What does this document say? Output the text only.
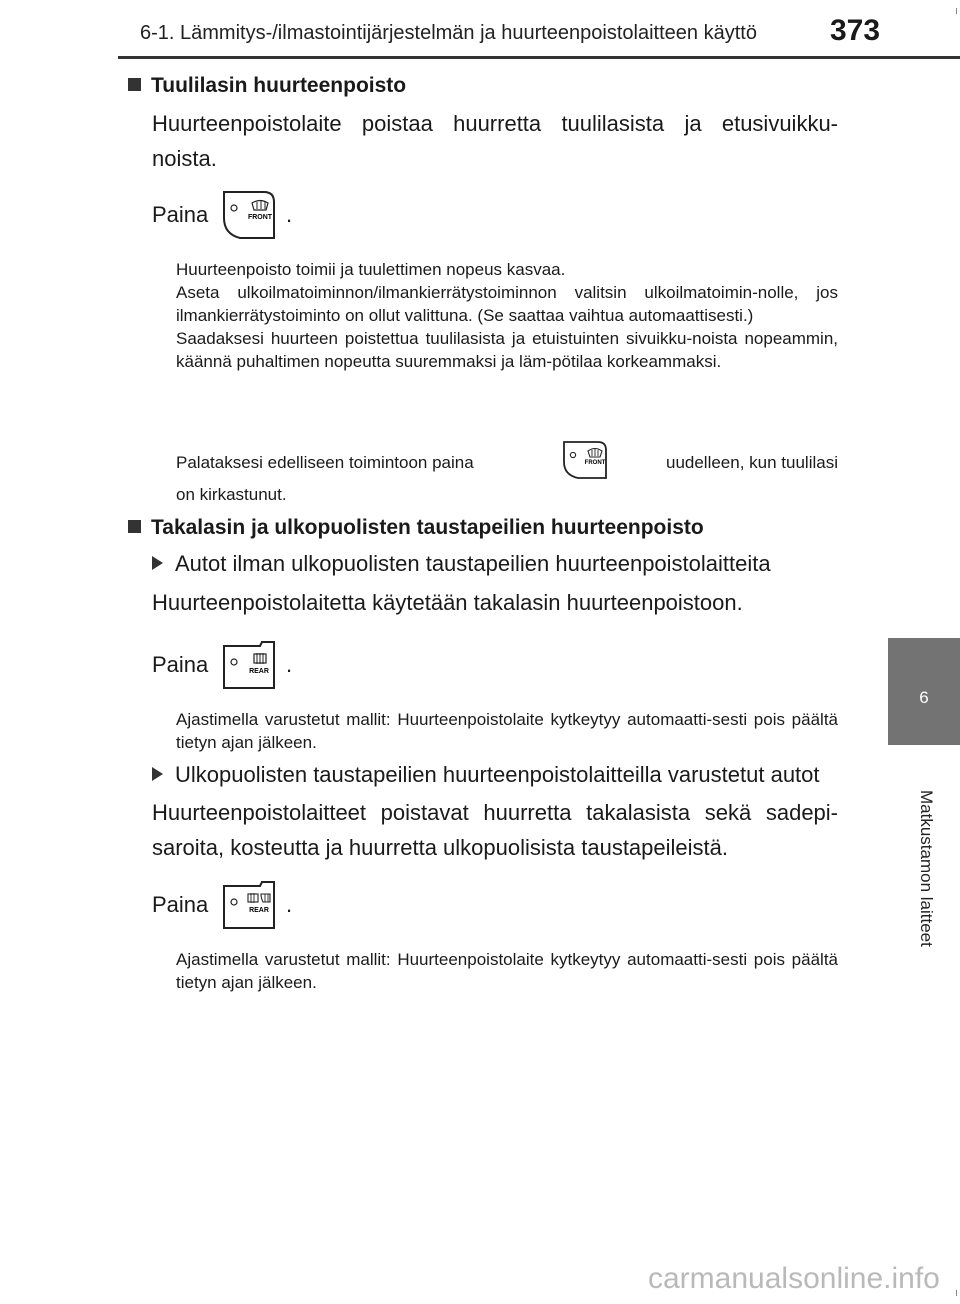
6-1. Lämmitys-/ilmastointijärjestelmän ja huurteenpoistolaitteen käyttö 373
6
Matkustamon laitteet
Tuulilasin huurteenpoisto
Huurteenpoistolaite poistaa huurretta tuulilasista ja etusivuikku-
noista.
Paina	FRONT .

Huurteenpoisto toimii ja tuulettimen nopeus kasvaa.

Aseta ulkoilmatoiminnon/ilmankierrätystoiminnon valitsin ulkoilmatoimin-nolle, jos ilmankierrätystoiminto on ollut valittuna. (Se saattaa vaihtua automaattisesti.)

Saadaksesi huurteen poistettua tuulilasista ja etuistuinten sivuikku-noista nopeammin, käännä puhaltimen nopeutta suuremmaksi ja läm-pötilaa korkeammaksi.

Palataksesi edelliseen toimintoon paina	FRONT	uudelleen, kun tuulilasi
on kirkastunut.
Takalasin ja ulkopuolisten taustapeilien huurteenpoisto
Autot ilman ulkopuolisten taustapeilien huurteenpoistolaitteita
Huurteenpoistolaitetta käytetään takalasin huurteenpoistoon.
Paina	REAR .
Ajastimella varustetut mallit: Huurteenpoistolaite kytkeytyy automaatti-sesti pois päältä tietyn ajan jälkeen.
Ulkopuolisten taustapeilien huurteenpoistolaitteilla varustetut autot
Huurteenpoistolaitteet poistavat huurretta takalasista sekä sadepi-saroita, kosteutta ja huurretta ulkopuolisista taustapeileistä.
Paina	REAR .
Ajastimella varustetut mallit: Huurteenpoistolaite kytkeytyy automaatti-sesti pois päältä tietyn ajan jälkeen.
carmanualsonline.info
